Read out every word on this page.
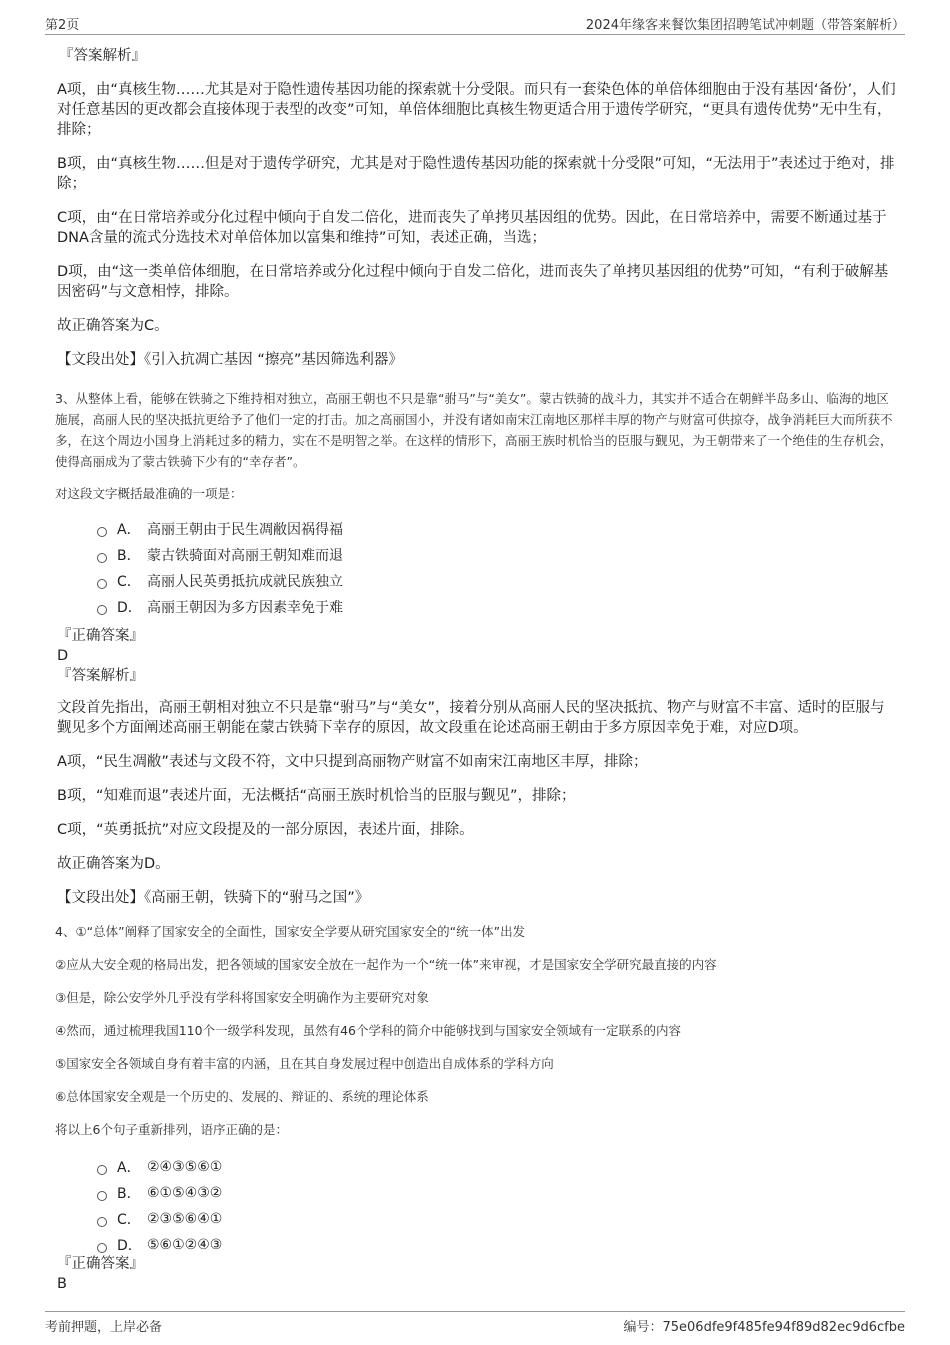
第2页	2024年缘客来餐饮集团招聘笔试冲刺题（带答案解析）

『答案解析』

A项，由“真核生物……尤其是对于隐性遗传基因功能的探索就十分受限。而只有一套染色体的单倍体细胞由于没有基因‘备份’，人们对任意基因的更改都会直接体现于表型的改变”可知，单倍体细胞比真核生物更适合用于遗传学研究，“更具有遗传优势”无中生有，排除；

B项，由“真核生物……但是对于遗传学研究，尤其是对于隐性遗传基因功能的探索就十分受限”可知，“无法用于”表述过于绝对，排除；

C项，由“在日常培养或分化过程中倾向于自发二倍化，进而丧失了单拷贝基因组的优势。因此，在日常培养中，需要不断通过基于DNA含量的流式分选技术对单倍体加以富集和维持”可知，表述正确，当选；

D项，由“这一类单倍体细胞，在日常培养或分化过程中倾向于自发二倍化，进而丧失了单拷贝基因组的优势”可知，“有利于破解基因密码”与文意相悖，排除。

故正确答案为C。

【文段出处】《引入抗凋亡基因 “擦亮”基因筛选利器》

3、从整体上看，能够在铁骑之下维持相对独立，高丽王朝也不只是靠“驸马”与“美女”。蒙古铁骑的战斗力，其实并不适合在朝鲜半岛多山、临海的地区施展，高丽人民的坚决抵抗更给予了他们一定的打击。加之高丽国小，并没有诸如南宋江南地区那样丰厚的物产与财富可供掠夺，战争消耗巨大而所获不多，在这个周边小国身上消耗过多的精力，实在不是明智之举。在这样的情形下，高丽王族时机恰当的臣服与觐见，为王朝带来了一个绝佳的生存机会，使得高丽成为了蒙古铁骑下少有的“幸存者”。

对这段文字概括最准确的一项是：

A． 高丽王朝由于民生凋敝因祸得福
B． 蒙古铁骑面对高丽王朝知难而退
C． 高丽人民英勇抵抗成就民族独立
D． 高丽王朝因为多方因素幸免于难

『正确答案』

D

『答案解析』

文段首先指出，高丽王朝相对独立不只是靠“驸马”与“美女”，接着分别从高丽人民的坚决抵抗、物产与财富不丰富、适时的臣服与觐见多个方面阐述高丽王朝能在蒙古铁骑下幸存的原因，故文段重在论述高丽王朝由于多方原因幸免于难，对应D项。

A项，“民生凋敝”表述与文段不符，文中只提到高丽物产财富不如南宋江南地区丰厚，排除；

B项，“知难而退”表述片面，无法概括“高丽王族时机恰当的臣服与觐见”，排除；

C项，“英勇抵抗”对应文段提及的一部分原因，表述片面，排除。

故正确答案为D。

【文段出处】《高丽王朝，铁骑下的“驸马之国”》

4、①“总体”阐释了国家安全的全面性，国家安全学要从研究国家安全的“统一体”出发

②应从大安全观的格局出发，把各领域的国家安全放在一起作为一个“统一体”来审视，才是国家安全学研究最直接的内容

③但是，除公安学外几乎没有学科将国家安全明确作为主要研究对象

④然而，通过梳理我国110个一级学科发现，虽然有46个学科的简介中能够找到与国家安全领域有一定联系的内容

⑤国家安全各领域自身有着丰富的内涵，且在其自身发展过程中创造出自成体系的学科方向

⑥总体国家安全观是一个历史的、发展的、辩证的、系统的理论体系

将以上6个句子重新排列，语序正确的是：

A． ②④③⑤⑥①
B． ⑥①⑤④③②
C． ②③⑤⑥④①
D． ⑤⑥①②④③

『正确答案』

B

考前押题，上岸必备	编号：75e06dfe9f485fe94f89d82ec9d6cfbe
